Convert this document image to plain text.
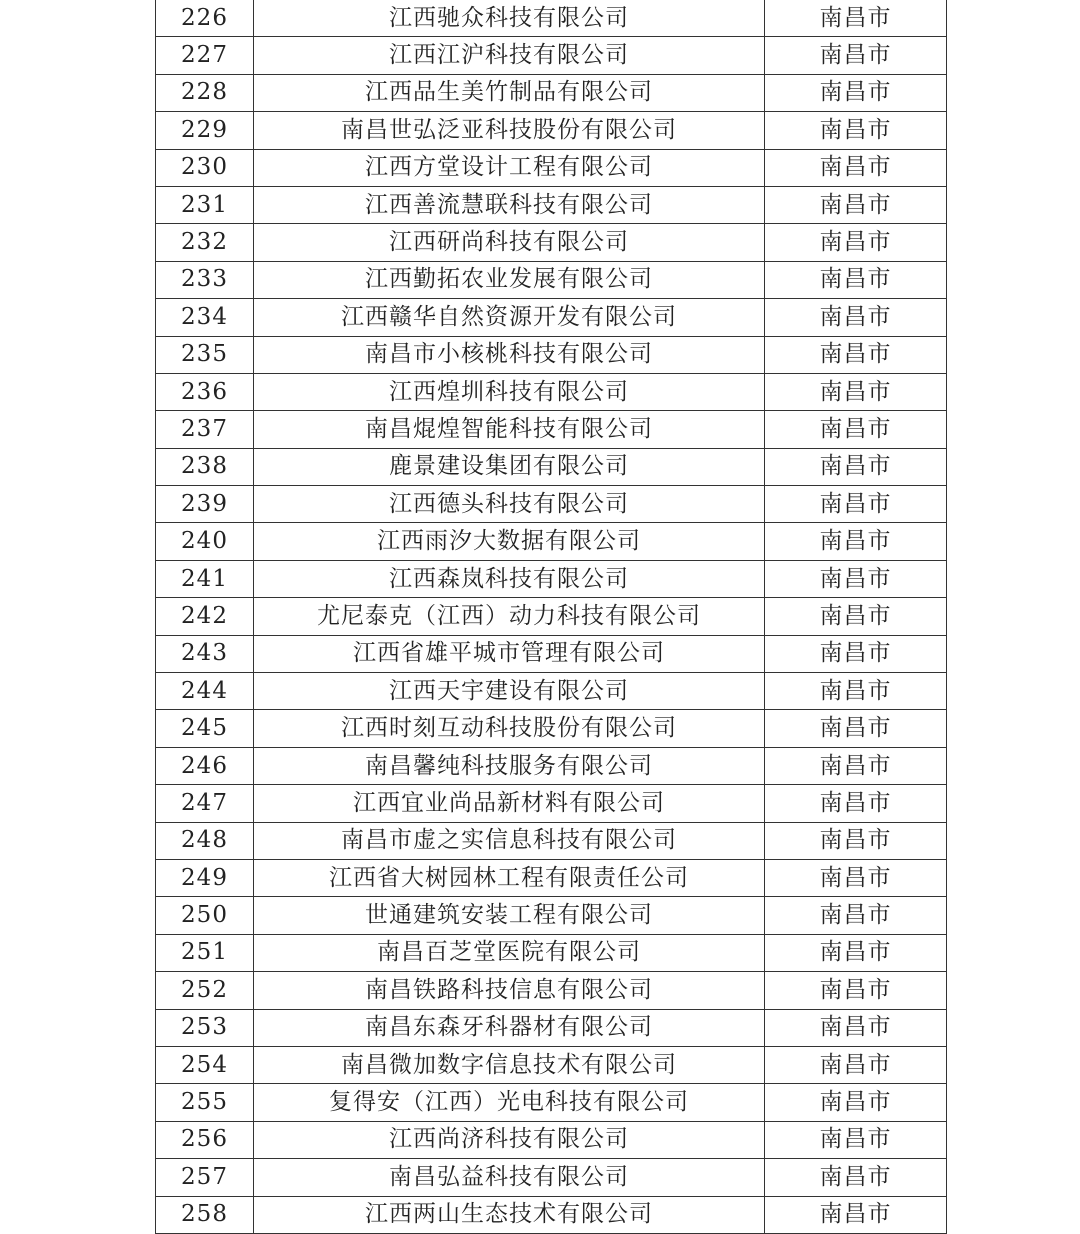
226	江西驰众科技有限公司	南昌市
227	江西江沪科技有限公司	南昌市
228	江西品生美竹制品有限公司	南昌市
229	南昌世弘泛亚科技股份有限公司	南昌市
230	江西方堂设计工程有限公司	南昌市
231	江西善流慧联科技有限公司	南昌市
232	江西研尚科技有限公司	南昌市
233	江西勤拓农业发展有限公司	南昌市
234	江西赣华自然资源开发有限公司	南昌市
235	南昌市小核桃科技有限公司	南昌市
236	江西煌圳科技有限公司	南昌市
237	南昌焜煌智能科技有限公司	南昌市
238	鹿景建设集团有限公司	南昌市
239	江西德头科技有限公司	南昌市
240	江西雨汐大数据有限公司	南昌市
241	江西森岚科技有限公司	南昌市
242	尤尼泰克（江西）动力科技有限公司	南昌市
243	江西省雄平城市管理有限公司	南昌市
244	江西天宇建设有限公司	南昌市
245	江西时刻互动科技股份有限公司	南昌市
246	南昌馨纯科技服务有限公司	南昌市
247	江西宜业尚品新材料有限公司	南昌市
248	南昌市虚之实信息科技有限公司	南昌市
249	江西省大树园林工程有限责任公司	南昌市
250	世通建筑安装工程有限公司	南昌市
251	南昌百芝堂医院有限公司	南昌市
252	南昌铁路科技信息有限公司	南昌市
253	南昌东森牙科器材有限公司	南昌市
254	南昌微加数字信息技术有限公司	南昌市
255	复得安（江西）光电科技有限公司	南昌市
256	江西尚济科技有限公司	南昌市
257	南昌弘益科技有限公司	南昌市
258	江西两山生态技术有限公司	南昌市
